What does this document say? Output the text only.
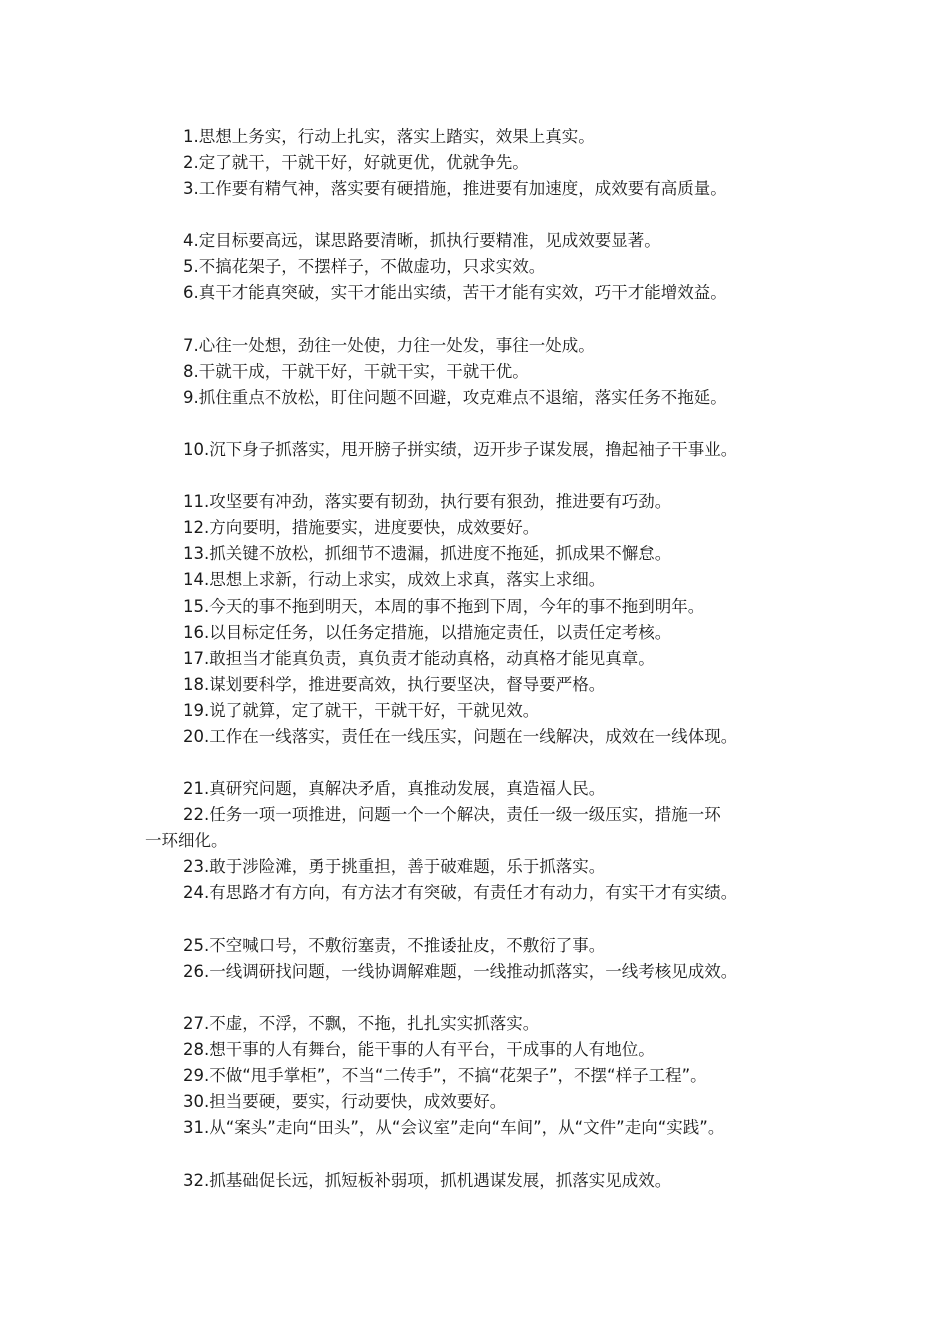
1.思想上务实，行动上扎实，落实上踏实，效果上真实。
2.定了就干，干就干好，好就更优，优就争先。
3.工作要有精气神，落实要有硬措施，推进要有加速度，成效要有高质量。
4.定目标要高远，谋思路要清晰，抓执行要精准，见成效要显著。
5.不搞花架子，不摆样子，不做虚功，只求实效。
6.真干才能真突破，实干才能出实绩，苦干才能有实效，巧干才能增效益。
7.心往一处想，劲往一处使，力往一处发，事往一处成。
8.干就干成，干就干好，干就干实，干就干优。
9.抓住重点不放松，盯住问题不回避，攻克难点不退缩，落实任务不拖延。
10.沉下身子抓落实，甩开膀子拼实绩，迈开步子谋发展，撸起袖子干事业。
11.攻坚要有冲劲，落实要有韧劲，执行要有狠劲，推进要有巧劲。
12.方向要明，措施要实，进度要快，成效要好。
13.抓关键不放松，抓细节不遗漏，抓进度不拖延，抓成果不懈怠。
14.思想上求新，行动上求实，成效上求真，落实上求细。
15.今天的事不拖到明天，本周的事不拖到下周，今年的事不拖到明年。
16.以目标定任务，以任务定措施，以措施定责任，以责任定考核。
17.敢担当才能真负责，真负责才能动真格，动真格才能见真章。
18.谋划要科学，推进要高效，执行要坚决，督导要严格。
19.说了就算，定了就干，干就干好，干就见效。
20.工作在一线落实，责任在一线压实，问题在一线解决，成效在一线体现。
21.真研究问题，真解决矛盾，真推动发展，真造福人民。
22.任务一项一项推进，问题一个一个解决，责任一级一级压实，措施一环
一环细化。
23.敢于涉险滩，勇于挑重担，善于破难题，乐于抓落实。
24.有思路才有方向，有方法才有突破，有责任才有动力，有实干才有实绩。
25.不空喊口号，不敷衍塞责，不推诿扯皮，不敷衍了事。
26.一线调研找问题，一线协调解难题，一线推动抓落实，一线考核见成效。
27.不虚，不浮，不飘，不拖，扎扎实实抓落实。
28.想干事的人有舞台，能干事的人有平台，干成事的人有地位。
29.不做“甩手掌柜”，不当“二传手”，不搞“花架子”，不摆“样子工程”。
30.担当要硬，要实，行动要快，成效要好。
31.从“案头”走向“田头”，从“会议室”走向“车间”，从“文件”走向“实践”。
32.抓基础促长远，抓短板补弱项，抓机遇谋发展，抓落实见成效。
